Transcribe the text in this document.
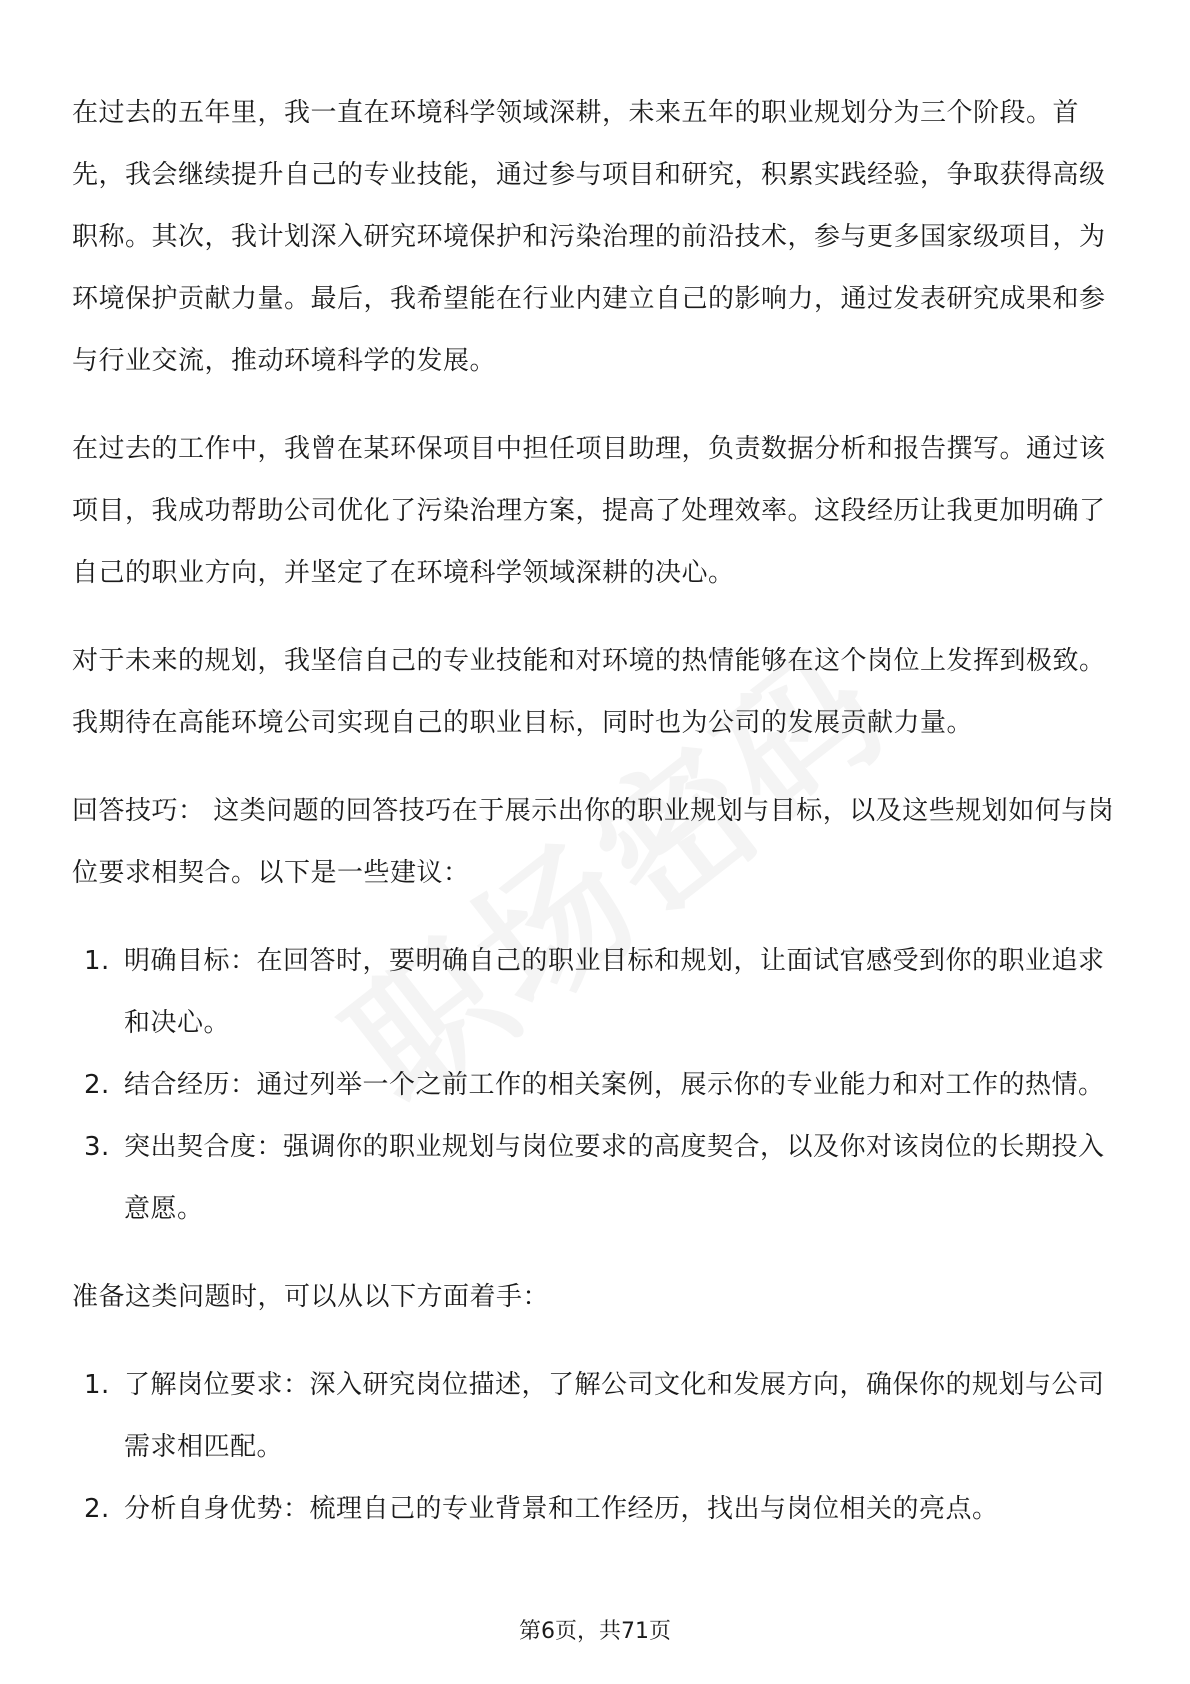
在过去的五年里，我一直在环境科学领域深耕，未来五年的职业规划分为三个阶段。首先，我会继续提升自己的专业技能，通过参与项目和研究，积累实践经验，争取获得高级职称。其次，我计划深入研究环境保护和污染治理的前沿技术，参与更多国家级项目，为环境保护贡献力量。最后，我希望能在行业内建立自己的影响力，通过发表研究成果和参与行业交流，推动环境科学的发展。

在过去的工作中，我曾在某环保项目中担任项目助理，负责数据分析和报告撰写。通过该项目，我成功帮助公司优化了污染治理方案，提高了处理效率。这段经历让我更加明确了自己的职业方向，并坚定了在环境科学领域深耕的决心。

对于未来的规划，我坚信自己的专业技能和对环境的热情能够在这个岗位上发挥到极致。我期待在高能环境公司实现自己的职业目标，同时也为公司的发展贡献力量。

回答技巧： 这类问题的回答技巧在于展示出你的职业规划与目标，以及这些规划如何与岗位要求相契合。以下是一些建议：

1. 明确目标：在回答时，要明确自己的职业目标和规划，让面试官感受到你的职业追求和决心。
2. 结合经历：通过列举一个之前工作的相关案例，展示你的专业能力和对工作的热情。
3. 突出契合度：强调你的职业规划与岗位要求的高度契合，以及你对该岗位的长期投入意愿。

准备这类问题时，可以从以下方面着手：

1. 了解岗位要求：深入研究岗位描述，了解公司文化和发展方向，确保你的规划与公司需求相匹配。
2. 分析自身优势：梳理自己的专业背景和工作经历，找出与岗位相关的亮点。
第6页，共71页
